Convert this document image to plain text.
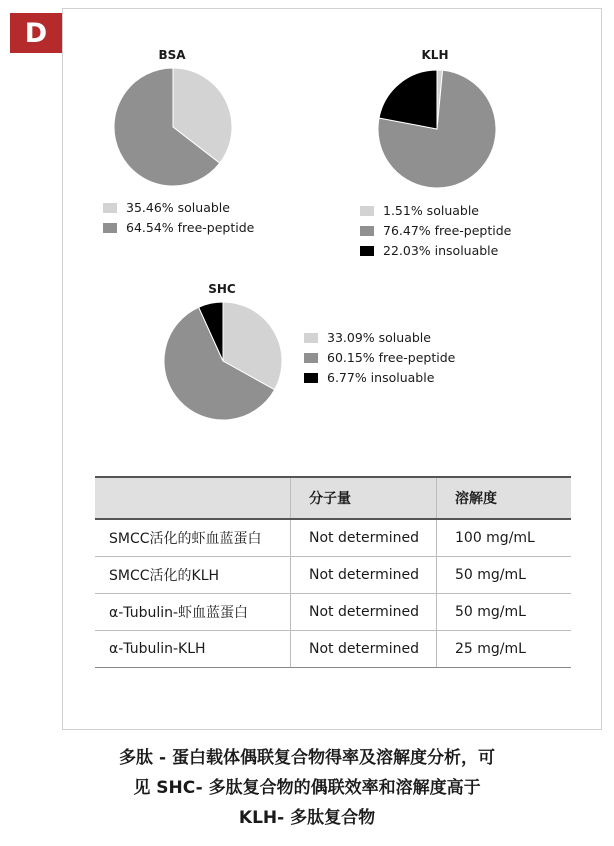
D
BSA
35.46% soluable
64.54% free-peptide
KLH
1.51% soluable
76.47% free-peptide
22.03% insoluable
SHC
33.09% soluable
60.15% free-peptide
6.77% insoluable
	分子量	溶解度
SMCC活化的虾血蓝蛋白	Not determined	100 mg/mL
SMCC活化的KLH	Not determined	50 mg/mL
α-Tubulin-虾血蓝蛋白	Not determined	50 mg/mL
α-Tubulin-KLH	Not determined	25 mg/mL
多肽 - 蛋白载体偶联复合物得率及溶解度分析，可
见 SHC- 多肽复合物的偶联效率和溶解度高于
KLH- 多肽复合物
